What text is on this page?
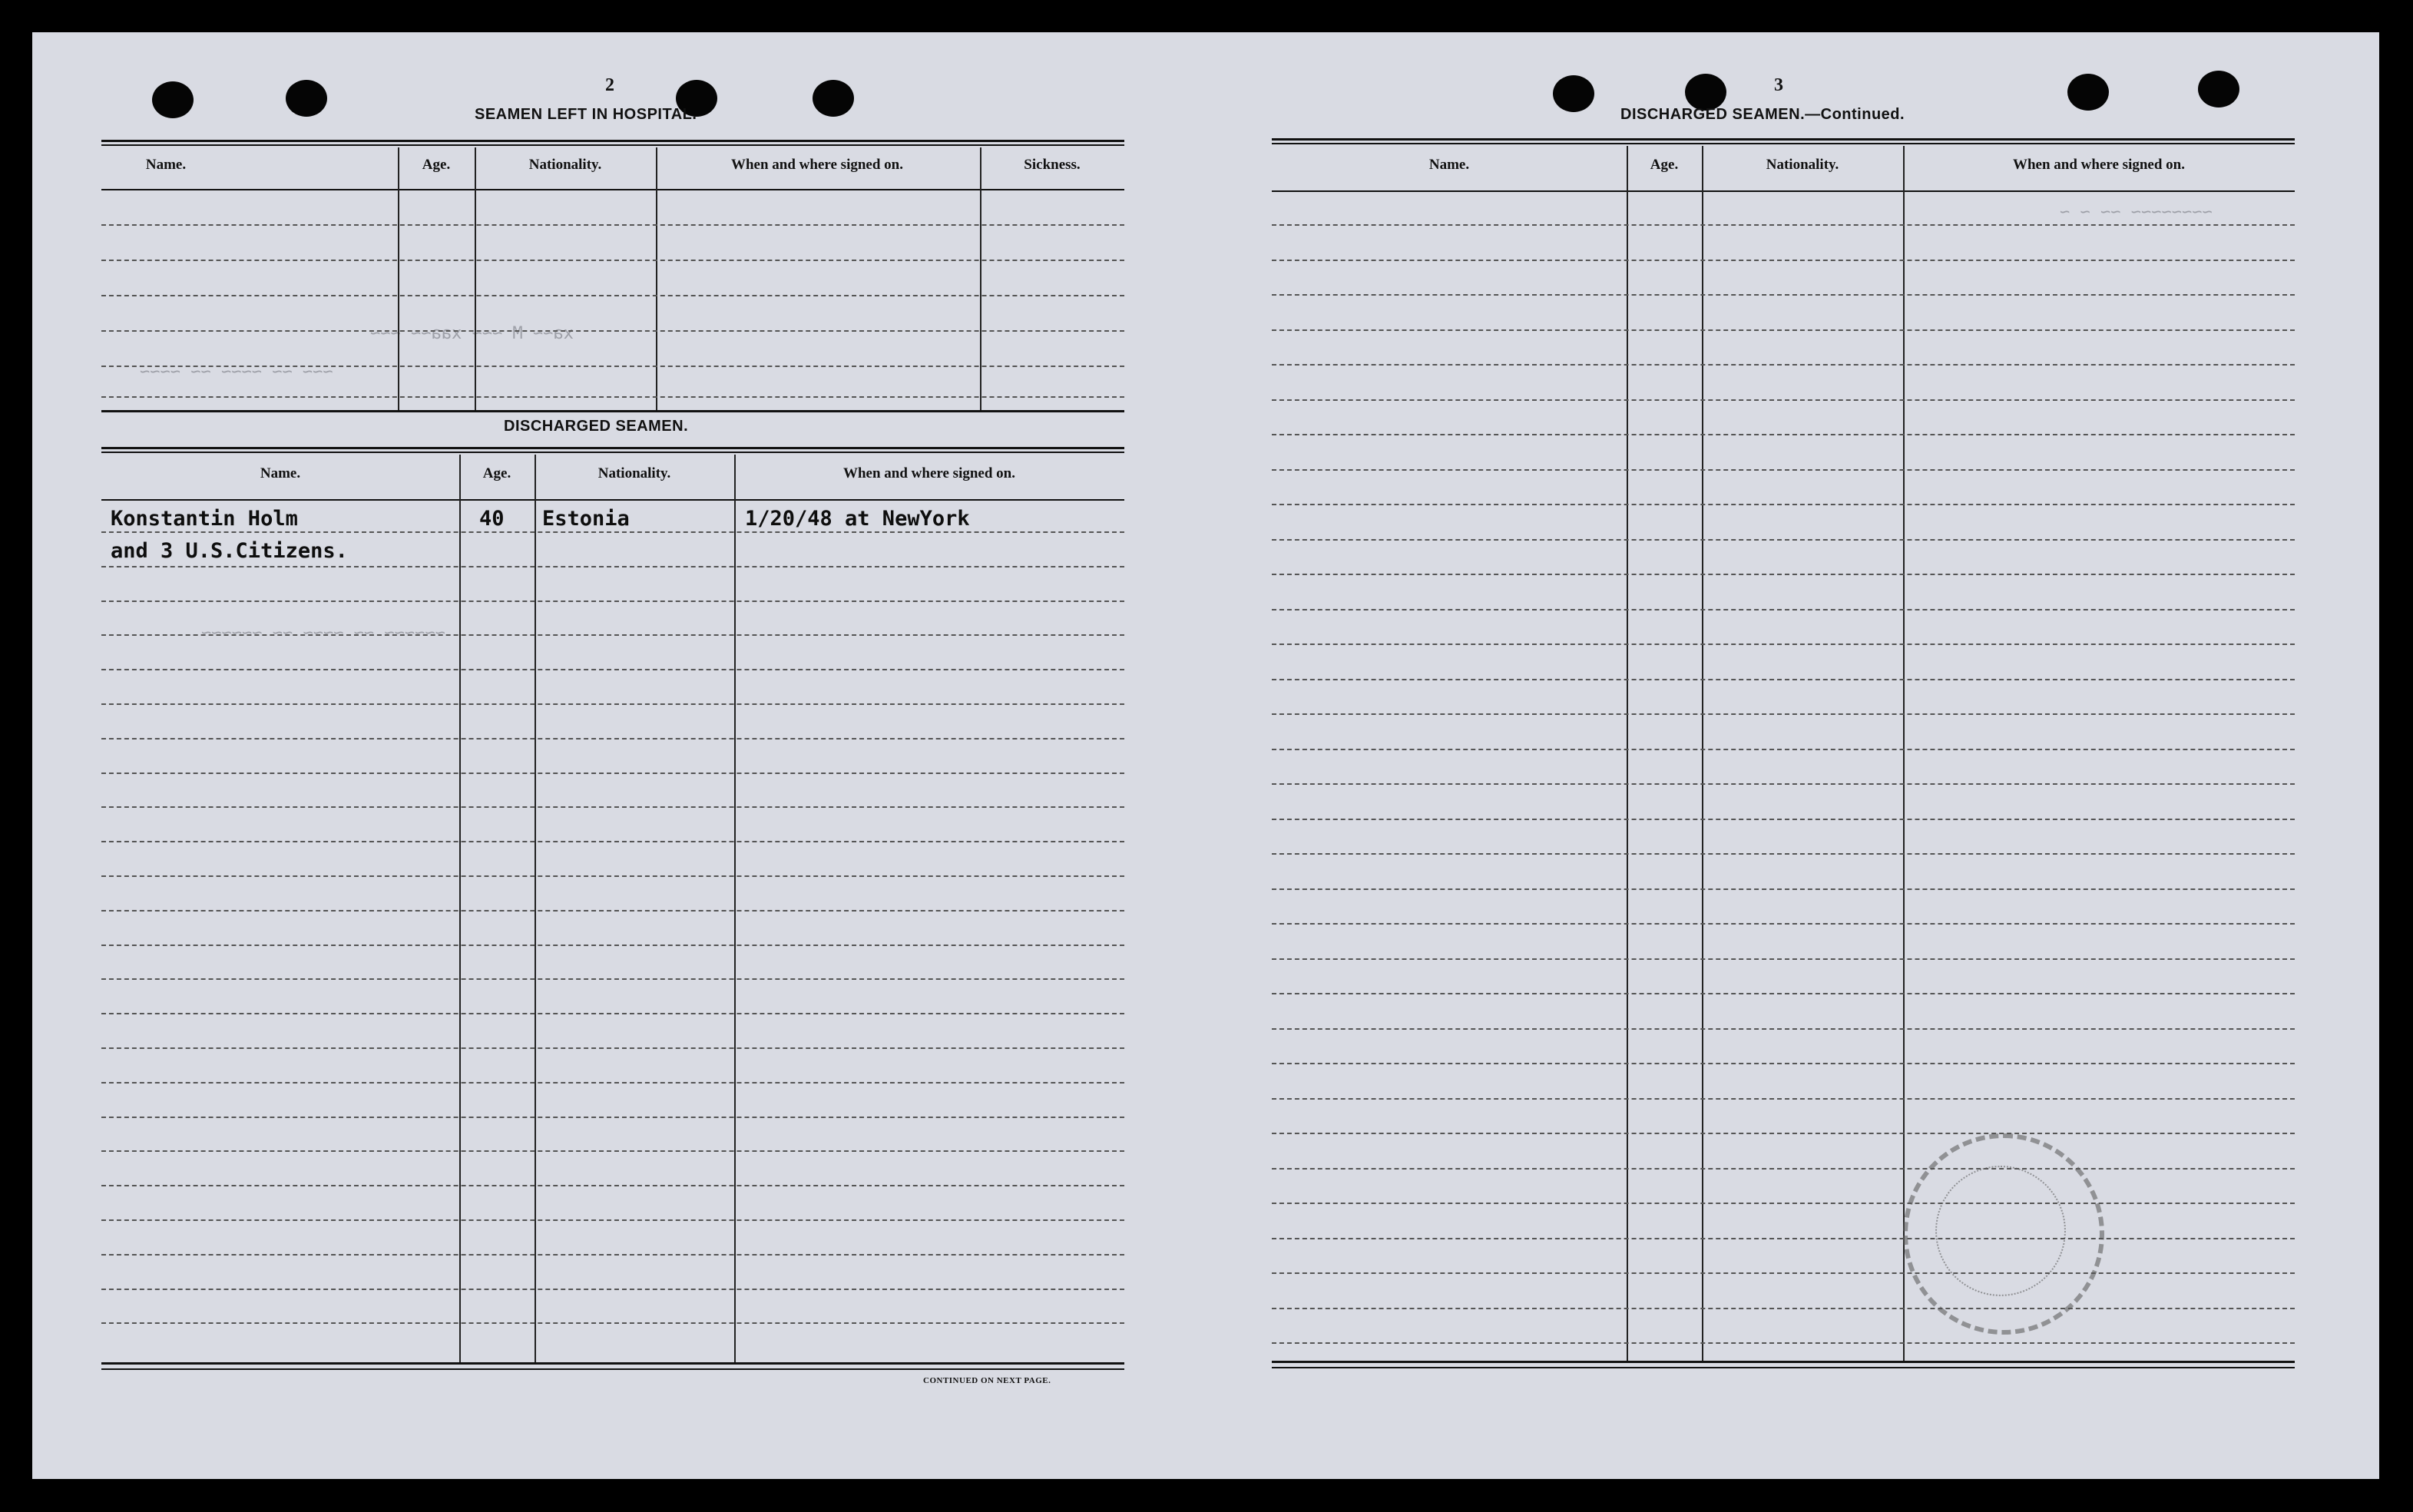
xa~~ M ~~~ xaa~~ ~~~
~~~ ~~ ~~~~ ~~ ~~~~
~~~~~~ ~~ ~~~~ ~~ ~~~~~~
~~~~~~~~ ~~ ~ ~
2
SEAMEN LEFT IN HOSPITAL.
Name.	Age.	Nationality.	When and where signed on.	Sickness.
DISCHARGED SEAMEN.
Name.	Age.	Nationality.	When and where signed on.
Konstantin Holm	40 Estonia	1/20/48 at NewYork
and 3 U.S.Citizens.
CONTINUED ON NEXT PAGE.
3
DISCHARGED SEAMEN.—Continued.
Name.	Age.	Nationality.	When and where signed on.
